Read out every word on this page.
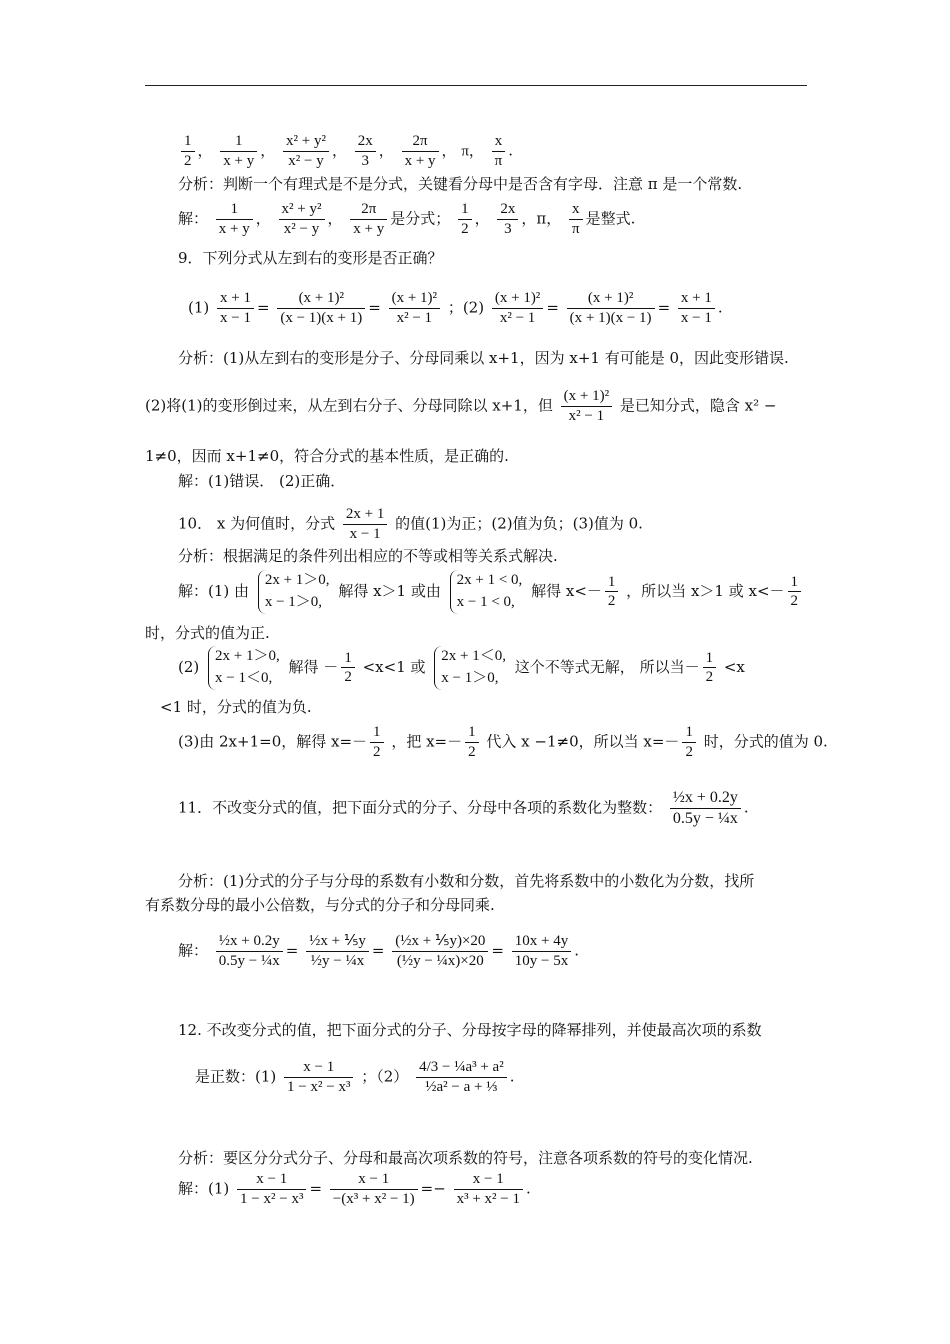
$\frac{1}{2}$ ， $\frac{1}{x + y}$ ， $\frac{\text{x² + y²}}{\text{x² − y}}$ ， $\frac{2x}{3}$ ， $\frac{2\pi}{x + y}$ ， π， $\frac{x}{\pi}$ .
分析：判断一个有理式是不是分式，关键看分母中是否含有字母．注意 π 是一个常数.
解： $\frac{1}{x + y}$ ， $\frac{\text{x² + y²}}{\text{x² − y}}$ ， $\frac{2\pi}{x + y}$ 是分式； $\frac{1}{2}$ ， $\frac{2x}{3}$ ，π， $\frac{x}{\pi}$ 是整式.
9．下列分式从左到右的变形是否正确？
$(1) \frac{x + 1}{x - 1} = \frac{\text{(x + 1)²}}{(x - 1)(x + 1)} = \frac{\text{(x + 1)²}}{\text{x² − 1}}$ ；$(2) \frac{\text{(x + 1)²}}{\text{x² − 1}} = \frac{\text{(x + 1)²}}{(x + 1)(x - 1)} = \frac{x + 1}{x - 1}$ .
分析：(1)从左到右的变形是分子、分母同乘以 x+1，因为 x+1 有可能是 0，因此变形错误.
(2)将(1)的变形倒过来，从左到右分子、分母同除以 x+1，但 $\frac{\text{(x + 1)²}}{\text{x² − 1}}$ 是已知分式，隐含 x² −
1≠0，因而 x+1≠0，符合分式的基本性质，是正确的.
解：(1)错误． (2)正确．
10． x 为何值时，分式 $\frac{2x + 1}{x - 1}$ 的值(1)为正；(2)值为负；(3)值为 0.
分析：根据满足的条件列出相应的不等或相等关系式解决.
解：(1) 由
2x + 1＞0,
x − 1＞0,
解得 x＞1 或由
2x + 1 < 0,
x − 1 < 0,
解得 $x<- \frac{1}{2}$ ，所以当 x＞1 或 $x<- \frac{1}{2}$
时，分式的值为正.
(2)
2x + 1＞0,
x − 1＜0,
解得 － $\frac{1}{2} <x<1$ 或
2x + 1＜0,
x − 1＞0,
这个不等式无解， 所以当－ $\frac{1}{2} <x$
<1 时，分式的值为负.
(3)由 2x+1=0，解得 $x=- \frac{1}{2}$ ，把 $x=- \frac{1}{2}$ 代入 x −1≠0，所以当 $x=- \frac{1}{2}$ 时，分式的值为 0.
11．不改变分式的值，把下面分式的分子、分母中各项的系数化为整数： $\frac{\text{½x + 0.2y}}{\text{0.5y − ¼x}}$ .
分析：(1)分式的分子与分母的系数有小数和分数，首先将系数中的小数化为分数，找所
有系数分母的最小公倍数，与分式的分子和分母同乘.
解： $\frac{\text{½x + 0.2y}}{\text{0.5y − ¼x}} = \frac{\text{½x + ⅕y}}{\text{½y − ¼x}} = \frac{\text{(½x + ⅕y)×20}}{\text{(½y − ¼x)×20}} = \frac{10x + 4y}{10y - 5x}$ .
12. 不改变分式的值，把下面分式的分子、分母按字母的降幂排列，并使最高次项的系数
是正数：$(1) \frac{x - 1}{\text{1 − x² − x³}}$ ；$(2) \frac{\text{4/3 − ¼a³ + a²}}{\text{½a² − a + ⅓}}$ .
分析：要区分分式分子、分母和最高次项系数的符号，注意各项系数的符号的变化情况.
解：$(1) \frac{x - 1}{\text{1 − x² − x³}} = \frac{x - 1}{\text{−(x³ + x² − 1)}} =- \frac{x - 1}{\text{x³ + x² − 1}}$ .
